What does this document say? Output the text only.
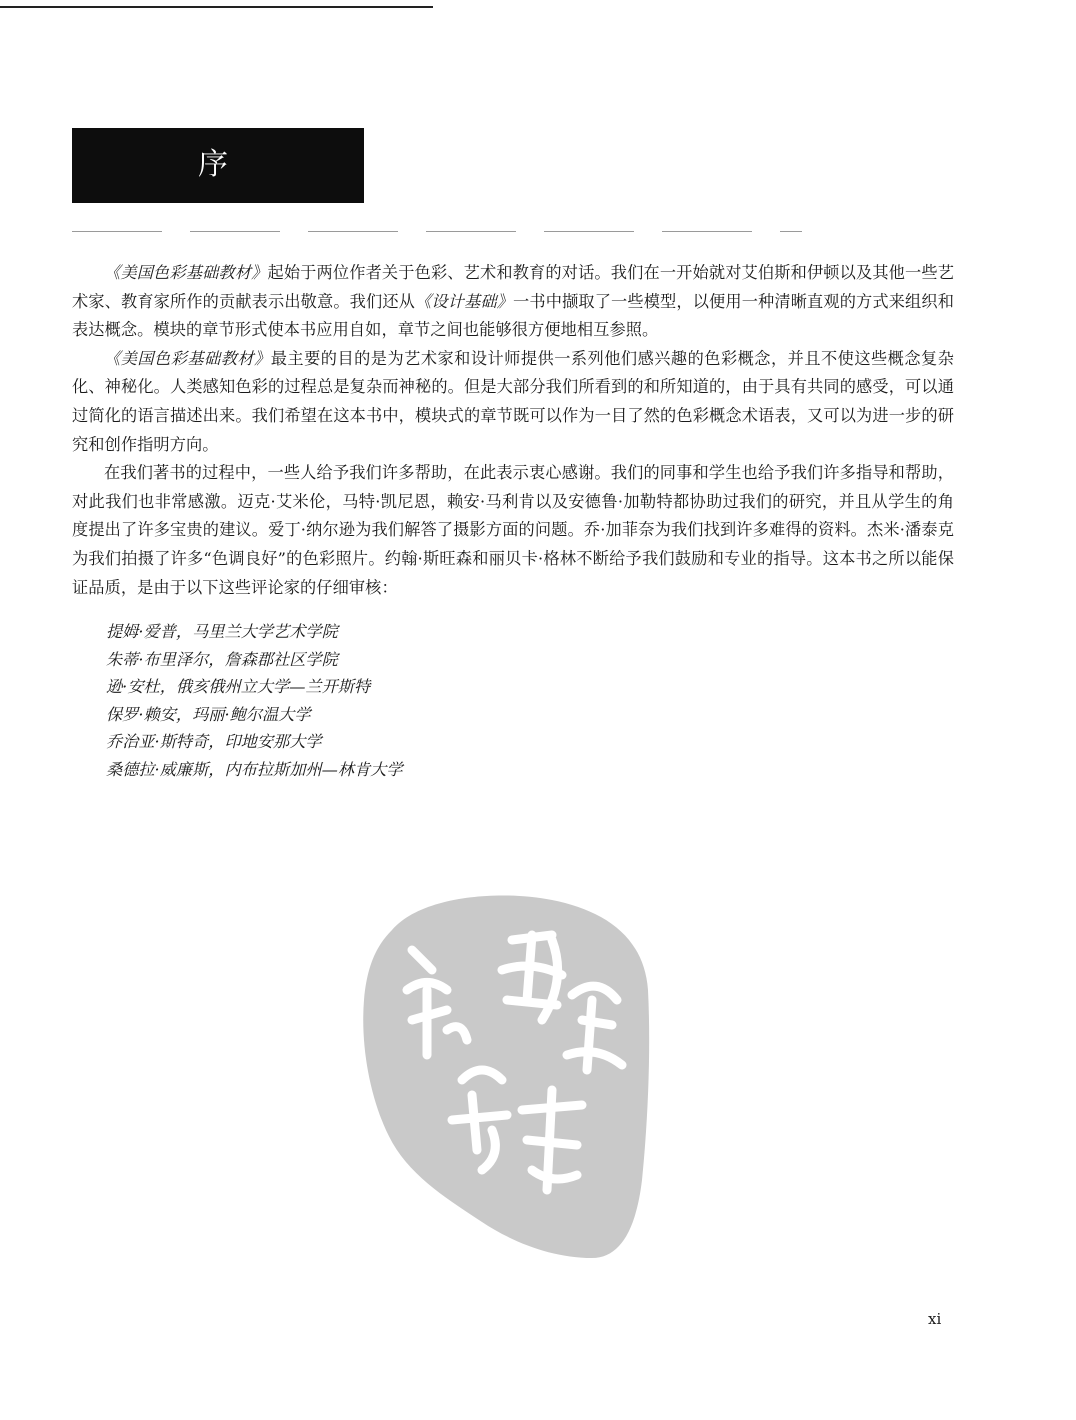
序

《美国色彩基础教材》起始于两位作者关于色彩、艺术和教育的对话。我们在一开始就对艾伯斯和伊顿以及其他一些艺术家、教育家所作的贡献表示出敬意。我们还从《设计基础》一书中撷取了一些模型，以便用一种清晰直观的方式来组织和表达概念。模块的章节形式使本书应用自如，章节之间也能够很方便地相互参照。

《美国色彩基础教材》最主要的目的是为艺术家和设计师提供一系列他们感兴趣的色彩概念，并且不使这些概念复杂化、神秘化。人类感知色彩的过程总是复杂而神秘的。但是大部分我们所看到的和所知道的，由于具有共同的感受，可以通过简化的语言描述出来。我们希望在这本书中，模块式的章节既可以作为一目了然的色彩概念术语表，又可以为进一步的研究和创作指明方向。

在我们著书的过程中，一些人给予我们许多帮助，在此表示衷心感谢。我们的同事和学生也给予我们许多指导和帮助，对此我们也非常感激。迈克·艾米伦，马特·凯尼恩，赖安·马利肯以及安德鲁·加勒特都协助过我们的研究，并且从学生的角度提出了许多宝贵的建议。爱丁·纳尔逊为我们解答了摄影方面的问题。乔·加菲奈为我们找到许多难得的资料。杰米·潘泰克为我们拍摄了许多“色调良好”的色彩照片。约翰·斯旺森和丽贝卡·格林不断给予我们鼓励和专业的指导。这本书之所以能保证品质，是由于以下这些评论家的仔细审核：

提姆·爱普，马里兰大学艺术学院

朱蒂·布里泽尔，詹森郡社区学院

逊·安杜，俄亥俄州立大学—兰开斯特

保罗·赖安，玛丽·鲍尔温大学

乔治亚·斯特奇，印地安那大学

桑德拉·威廉斯，内布拉斯加州—林肯大学

xi
